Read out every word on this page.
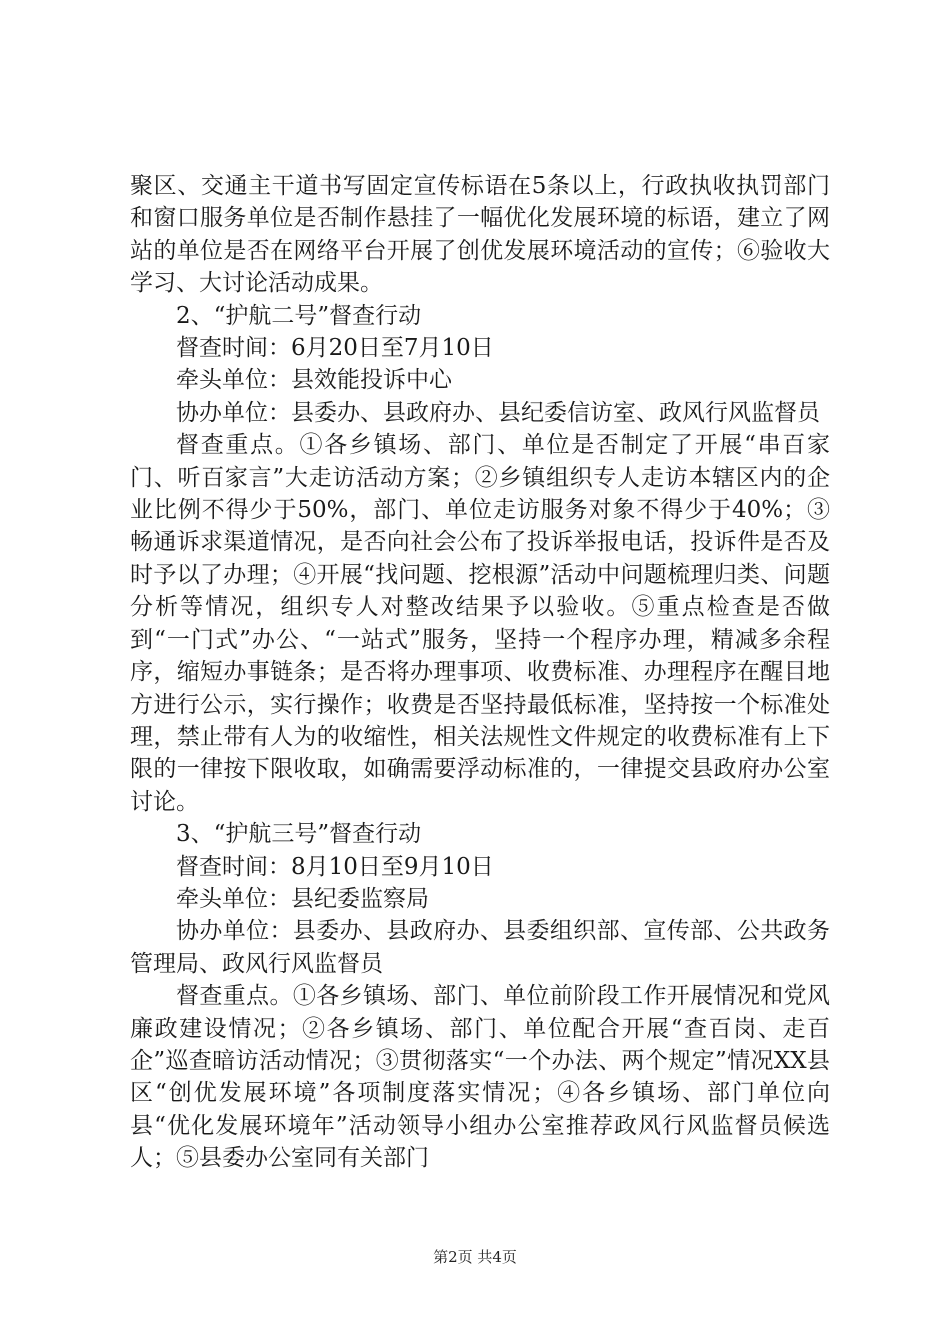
聚区、交通主干道书写固定宣传标语在5条以上，行政执收执罚部门和窗口服务单位是否制作悬挂了一幅优化发展环境的标语，建立了网站的单位是否在网络平台开展了创优发展环境活动的宣传；⑥验收大学习、大讨论活动成果。

2、“护航二号”督查行动

督查时间：6月20日至7月10日

牵头单位：县效能投诉中心

协办单位：县委办、县政府办、县纪委信访室、政风行风监督员

督查重点。①各乡镇场、部门、单位是否制定了开展“串百家门、听百家言”大走访活动方案；②乡镇组织专人走访本辖区内的企业比例不得少于50%，部门、单位走访服务对象不得少于40%；③畅通诉求渠道情况，是否向社会公布了投诉举报电话，投诉件是否及时予以了办理；④开展“找问题、挖根源”活动中问题梳理归类、问题分析等情况，组织专人对整改结果予以验收。⑤重点检查是否做到“一门式”办公、“一站式”服务，坚持一个程序办理，精减多余程序，缩短办事链条；是否将办理事项、收费标准、办理程序在醒目地方进行公示，实行操作；收费是否坚持最低标准，坚持按一个标准处理，禁止带有人为的收缩性，相关法规性文件规定的收费标准有上下限的一律按下限收取，如确需要浮动标准的，一律提交县政府办公室讨论。

3、“护航三号”督查行动

督查时间：8月10日至9月10日

牵头单位：县纪委监察局

协办单位：县委办、县政府办、县委组织部、宣传部、公共政务管理局、政风行风监督员

督查重点。①各乡镇场、部门、单位前阶段工作开展情况和党风廉政建设情况；②各乡镇场、部门、单位配合开展“查百岗、走百企”巡查暗访活动情况；③贯彻落实“一个办法、两个规定”情况XX县区“创优发展环境”各项制度落实情况；④各乡镇场、部门单位向县“优化发展环境年”活动领导小组办公室推荐政风行风监督员候选人；⑤县委办公室同有关部门

第2页 共4页
